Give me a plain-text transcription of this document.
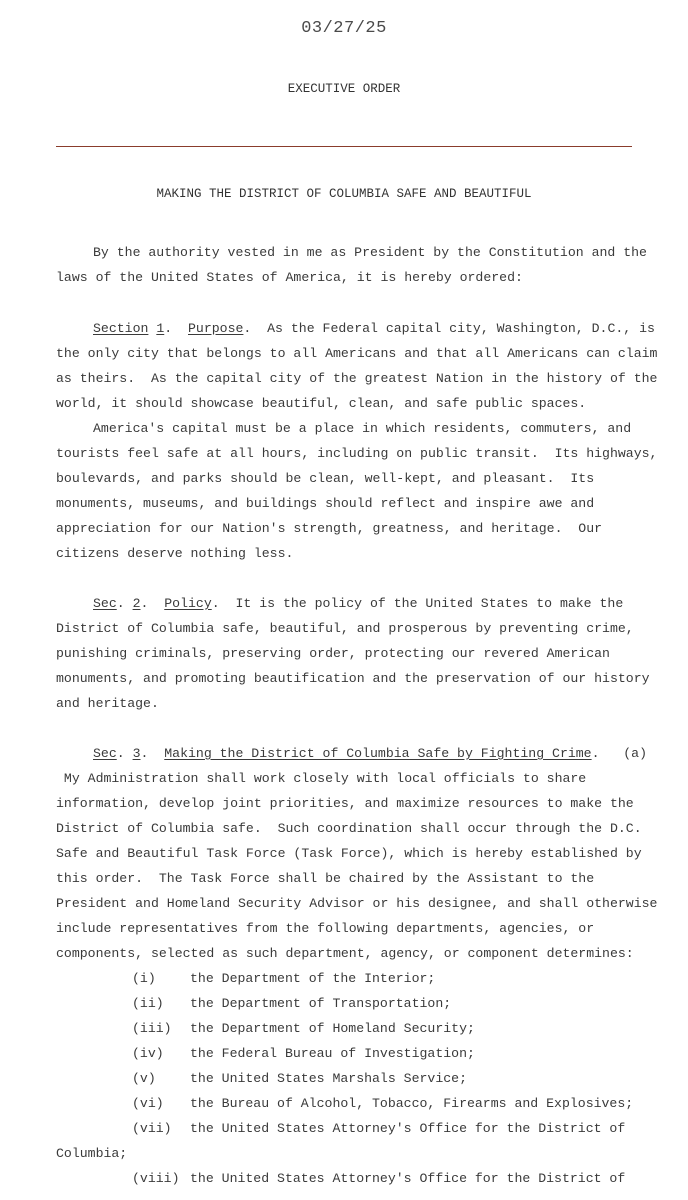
03/27/25
EXECUTIVE ORDER
MAKING THE DISTRICT OF COLUMBIA SAFE AND BEAUTIFUL
By the authority vested in me as President by the Constitution and the
laws of the United States of America, it is hereby ordered:
Section 1.  Purpose.  As the Federal capital city, Washington, D.C., is
the only city that belongs to all Americans and that all Americans can claim
as theirs.  As the capital city of the greatest Nation in the history of the
world, it should showcase beautiful, clean, and safe public spaces.
America's capital must be a place in which residents, commuters, and
tourists feel safe at all hours, including on public transit.  Its highways,
boulevards, and parks should be clean, well-kept, and pleasant.  Its
monuments, museums, and buildings should reflect and inspire awe and
appreciation for our Nation's strength, greatness, and heritage.  Our
citizens deserve nothing less.
Sec. 2.  Policy.  It is the policy of the United States to make the
District of Columbia safe, beautiful, and prosperous by preventing crime,
punishing criminals, preserving order, protecting our revered American
monuments, and promoting beautification and the preservation of our history
and heritage.
Sec. 3.  Making the District of Columbia Safe by Fighting Crime.   (a)
My Administration shall work closely with local officials to share
information, develop joint priorities, and maximize resources to make the
District of Columbia safe.  Such coordination shall occur through the D.C.
Safe and Beautiful Task Force (Task Force), which is hereby established by
this order.  The Task Force shall be chaired by the Assistant to the
President and Homeland Security Advisor or his designee, and shall otherwise
include representatives from the following departments, agencies, or
components, selected as such department, agency, or component determines:
(i)	the Department of the Interior;
(ii) the Department of Transportation;
(iii) the Department of Homeland Security;
(iv) the Federal Bureau of Investigation;
(v)	the United States Marshals Service;
(vi) the Bureau of Alcohol, Tobacco, Firearms and Explosives;
(vii) the United States Attorney's Office for the District of
Columbia;
(viii) the United States Attorney's Office for the District of
